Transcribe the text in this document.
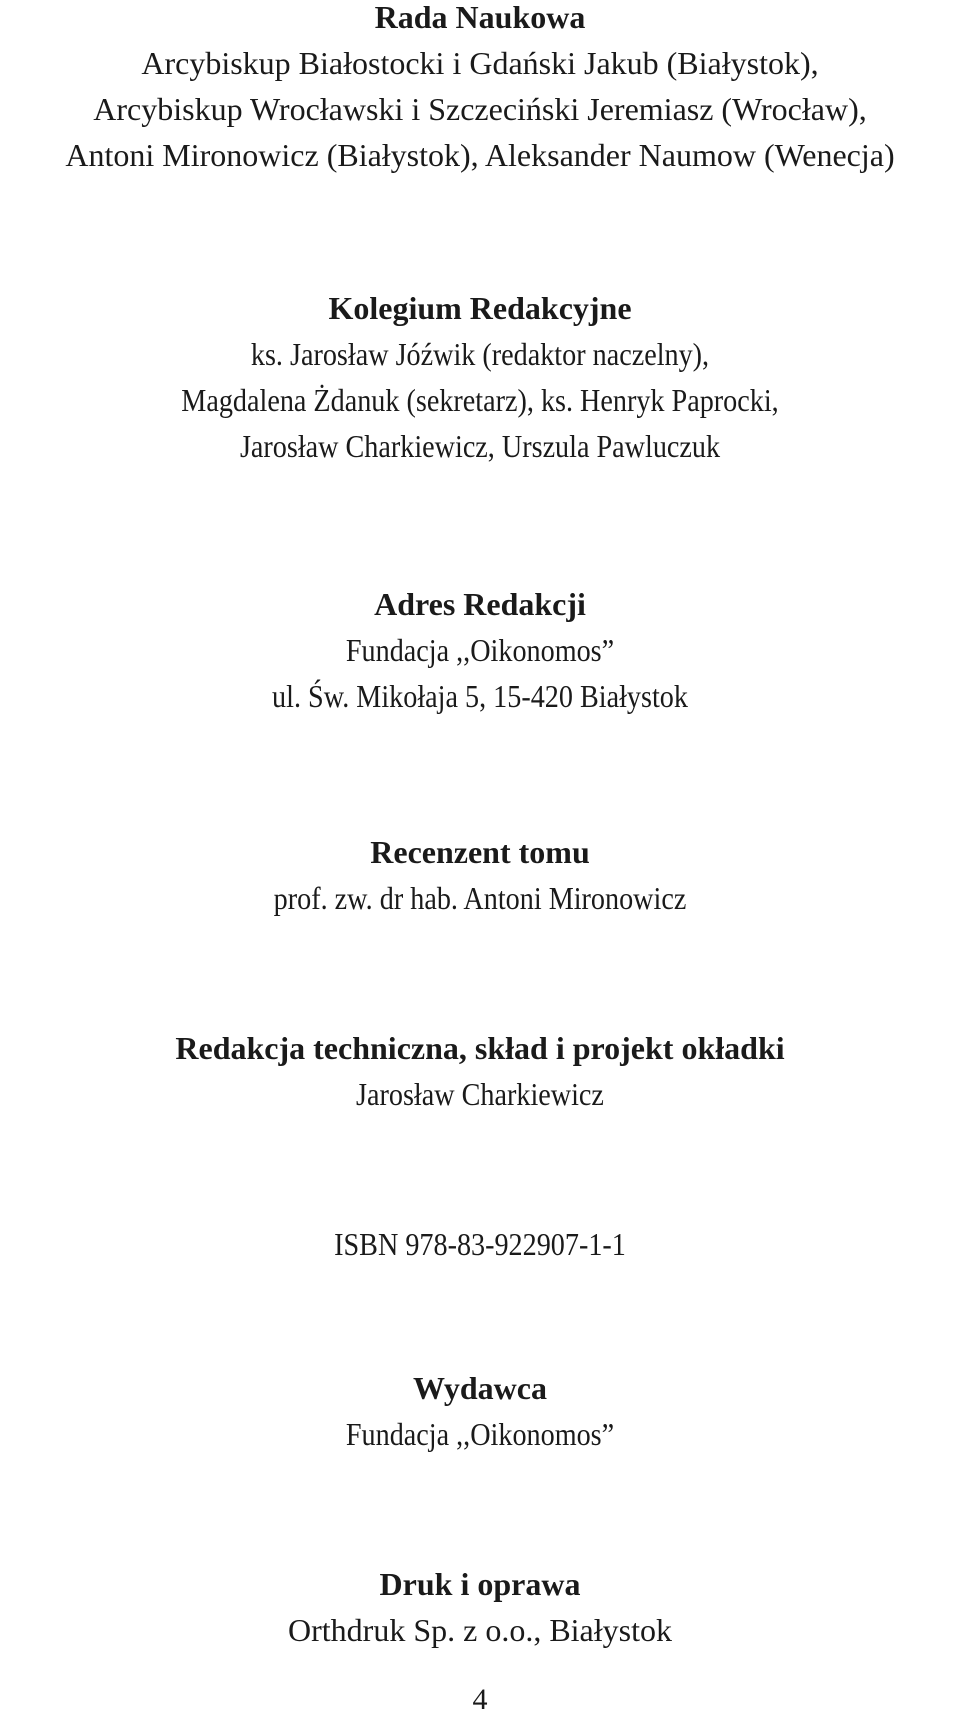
Rada Naukowa
Arcybiskup Białostocki i Gdański Jakub (Białystok),
Arcybiskup Wrocławski i Szczeciński Jeremiasz (Wrocław),
Antoni Mironowicz (Białystok), Aleksander Naumow (Wenecja)
Kolegium Redakcyjne
ks. Jarosław Jóźwik (redaktor naczelny),
Magdalena Żdanuk (sekretarz), ks. Henryk Paprocki,
Jarosław Charkiewicz, Urszula Pawluczuk
Adres Redakcji
Fundacja ,,Oikonomos”
ul. Św. Mikołaja 5, 15-420 Białystok
Recenzent tomu
prof. zw. dr hab. Antoni Mironowicz
Redakcja techniczna, skład i projekt okładki
Jarosław Charkiewicz
ISBN 978-83-922907-1-1
Wydawca
Fundacja ,,Oikonomos”
Druk i oprawa
Orthdruk Sp. z o.o., Białystok
4
